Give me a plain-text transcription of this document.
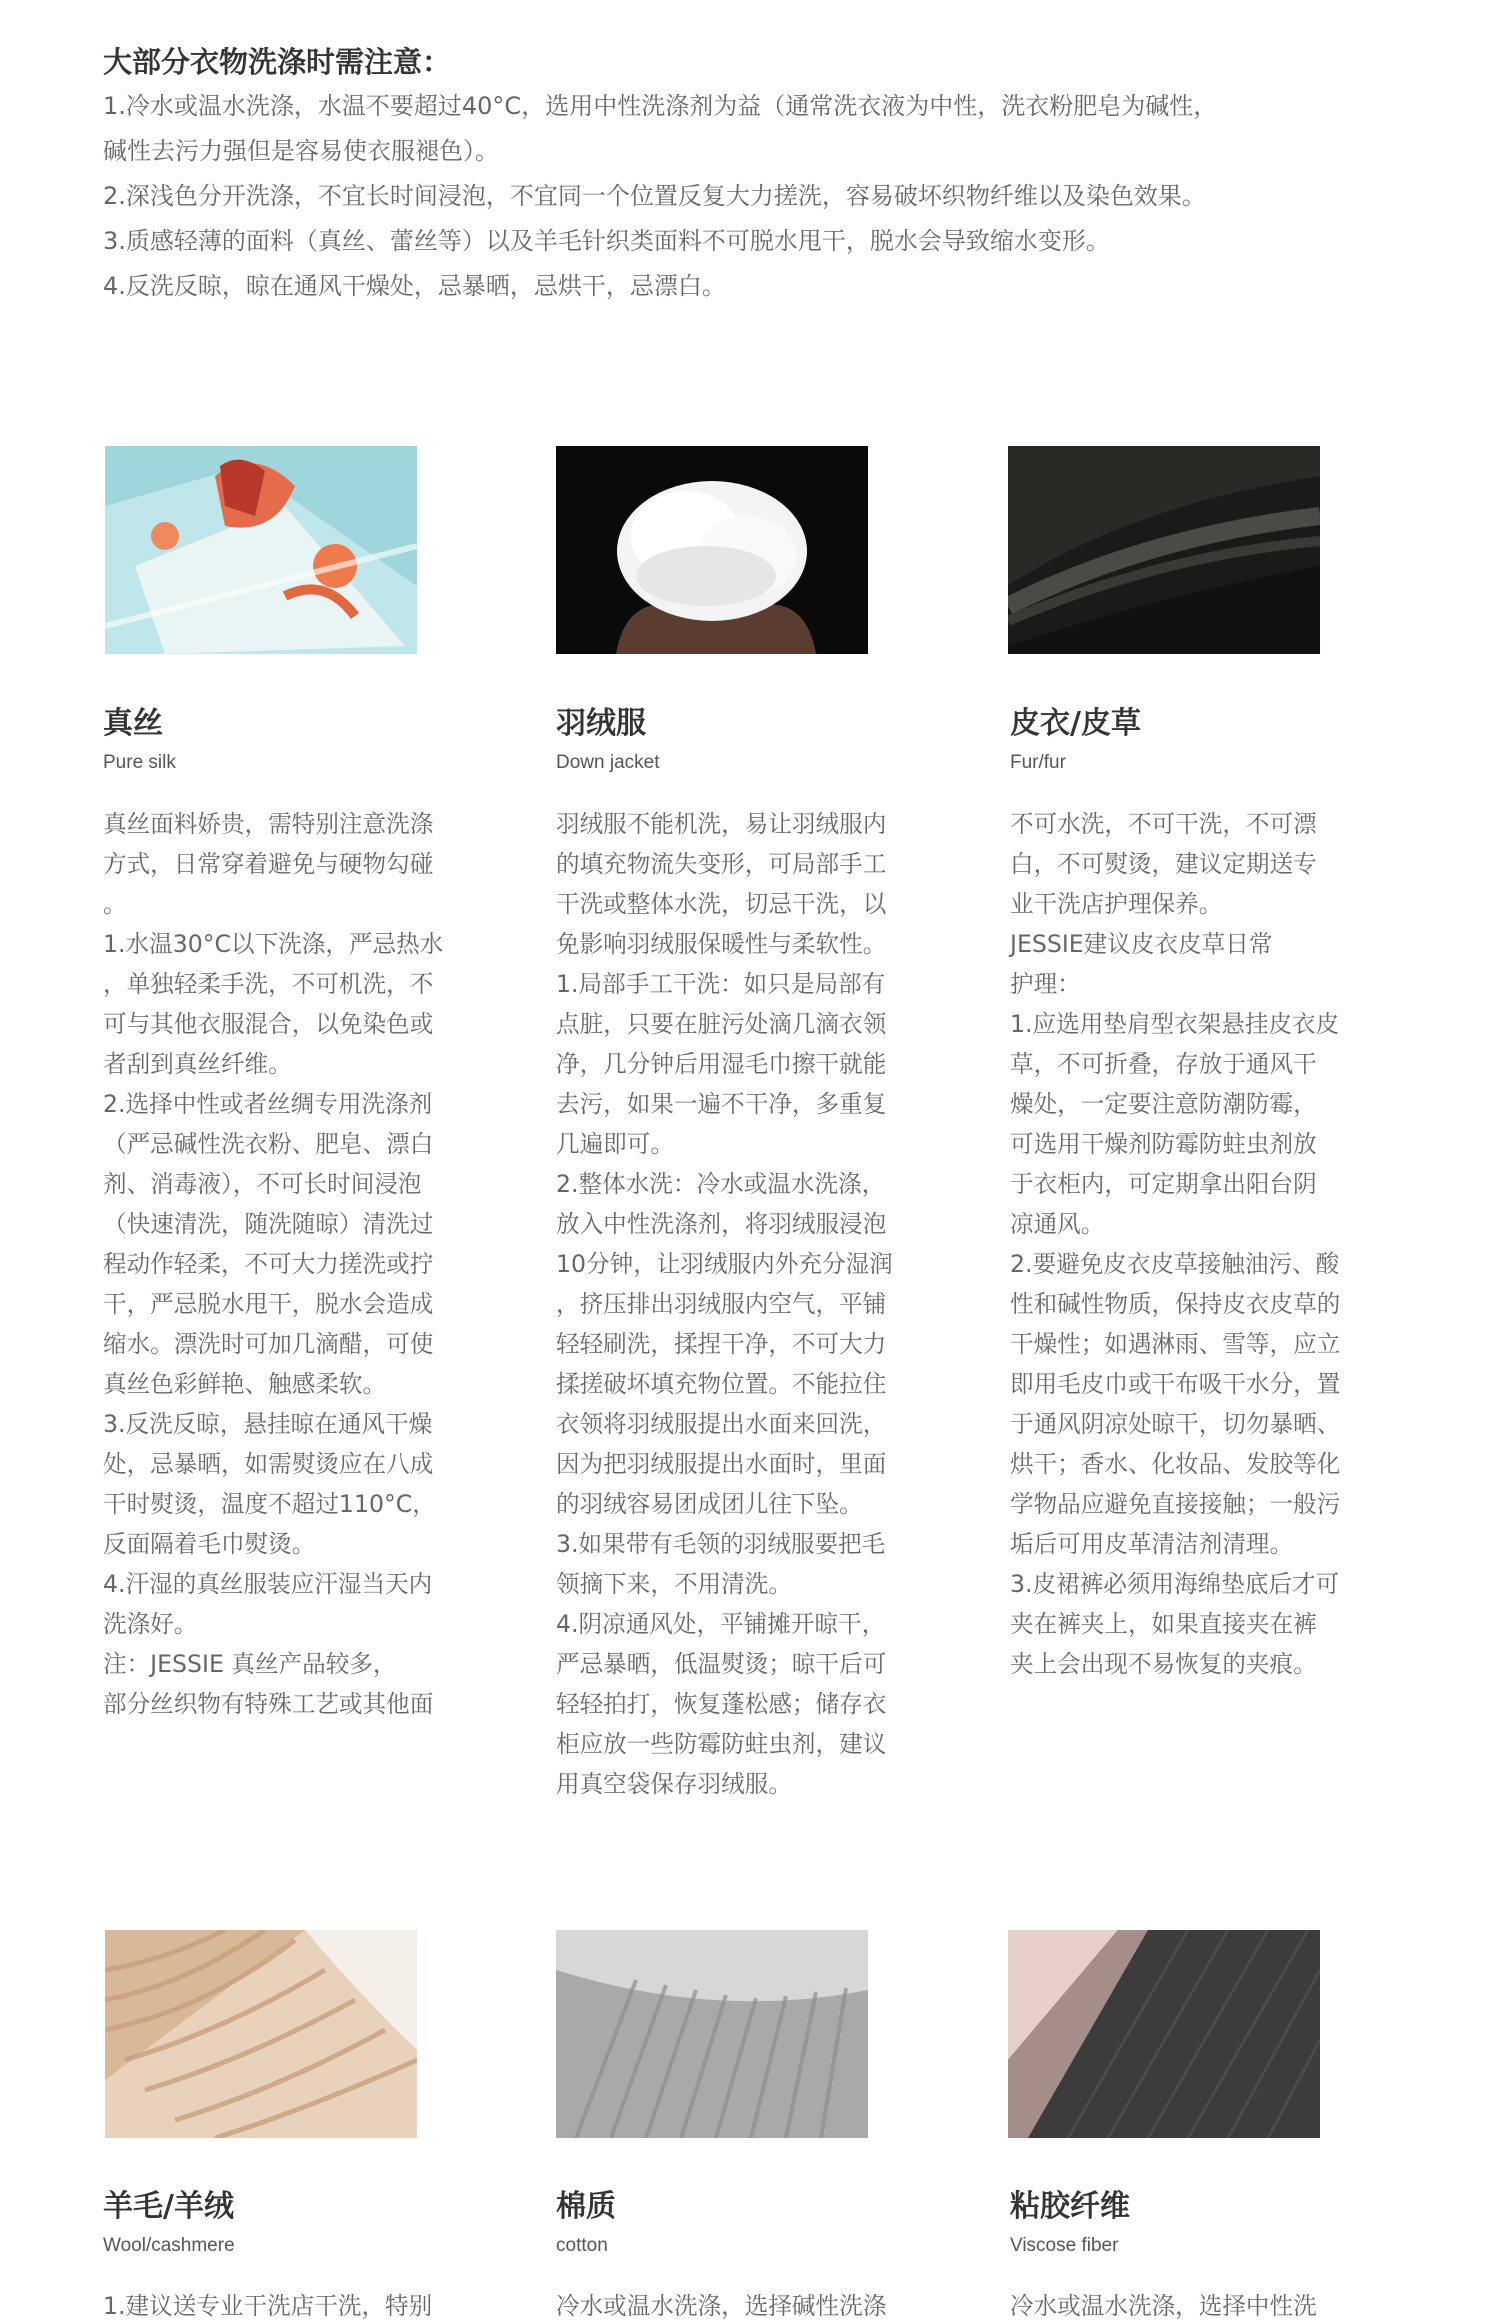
大部分衣物洗涤时需注意：

1.冷水或温水洗涤，水温不要超过40°C，选用中性洗涤剂为益（通常洗衣液为中性，洗衣粉肥皂为碱性，
碱性去污力强但是容易使衣服褪色）。
2.深浅色分开洗涤，不宜长时间浸泡，不宜同一个位置反复大力搓洗，容易破坏织物纤维以及染色效果。
3.质感轻薄的面料（真丝、蕾丝等）以及羊毛针织类面料不可脱水甩干，脱水会导致缩水变形。
4.反洗反晾，晾在通风干燥处，忌暴晒，忌烘干，忌漂白。

真丝
Pure silk
真丝面料娇贵，需特别注意洗涤
方式，日常穿着避免与硬物勾碰
。
1.水温30°C以下洗涤，严忌热水
，单独轻柔手洗，不可机洗，不
可与其他衣服混合，以免染色或
者刮到真丝纤维。
2.选择中性或者丝绸专用洗涤剂
（严忌碱性洗衣粉、肥皂、漂白
剂、消毒液），不可长时间浸泡
（快速清洗，随洗随晾）清洗过
程动作轻柔，不可大力搓洗或拧
干，严忌脱水甩干，脱水会造成
缩水。漂洗时可加几滴醋，可使
真丝色彩鲜艳、触感柔软。
3.反洗反晾，悬挂晾在通风干燥
处，忌暴晒，如需熨烫应在八成
干时熨烫，温度不超过110°C，
反面隔着毛巾熨烫。
4.汗湿的真丝服装应汗湿当天内
洗涤好。
注：JESSIE 真丝产品较多，
部分丝织物有特殊工艺或其他面
羽绒服
Down jacket
羽绒服不能机洗，易让羽绒服内
的填充物流失变形，可局部手工
干洗或整体水洗，切忌干洗，以
免影响羽绒服保暖性与柔软性。
1.局部手工干洗：如只是局部有
点脏，只要在脏污处滴几滴衣领
净，几分钟后用湿毛巾擦干就能
去污，如果一遍不干净，多重复
几遍即可。
2.整体水洗：冷水或温水洗涤，
放入中性洗涤剂，将羽绒服浸泡
10分钟，让羽绒服内外充分湿润
，挤压排出羽绒服内空气，平铺
轻轻刷洗，揉捏干净，不可大力
揉搓破坏填充物位置。不能拉住
衣领将羽绒服提出水面来回洗，
因为把羽绒服提出水面时，里面
的羽绒容易团成团儿往下坠。
3.如果带有毛领的羽绒服要把毛
领摘下来，不用清洗。
4.阴凉通风处，平铺摊开晾干，
严忌暴晒，低温熨烫；晾干后可
轻轻拍打，恢复蓬松感；储存衣
柜应放一些防霉防蛀虫剂，建议
用真空袋保存羽绒服。
皮衣/皮草
Fur/fur
不可水洗，不可干洗，不可漂
白，不可熨烫，建议定期送专
业干洗店护理保养。
JESSIE建议皮衣皮草日常
护理：
1.应选用垫肩型衣架悬挂皮衣皮
草，不可折叠，存放于通风干
燥处，一定要注意防潮防霉，
可选用干燥剂防霉防蛀虫剂放
于衣柜内，可定期拿出阳台阴
凉通风。
2.要避免皮衣皮草接触油污、酸
性和碱性物质，保持皮衣皮草的
干燥性；如遇淋雨、雪等，应立
即用毛皮巾或干布吸干水分，置
于通风阴凉处晾干，切勿暴晒、
烘干；香水、化妆品、发胶等化
学物品应避免直接接触；一般污
垢后可用皮革清洁剂清理。
3.皮裙裤必须用海绵垫底后才可
夹在裤夹上，如果直接夹在裤
夹上会出现不易恢复的夹痕。
羊毛/羊绒
Wool/cashmere
1.建议送专业干洗店干洗，特别
棉质
cotton
冷水或温水洗涤，选择碱性洗涤
粘胶纤维
Viscose fiber
冷水或温水洗涤，选择中性洗
